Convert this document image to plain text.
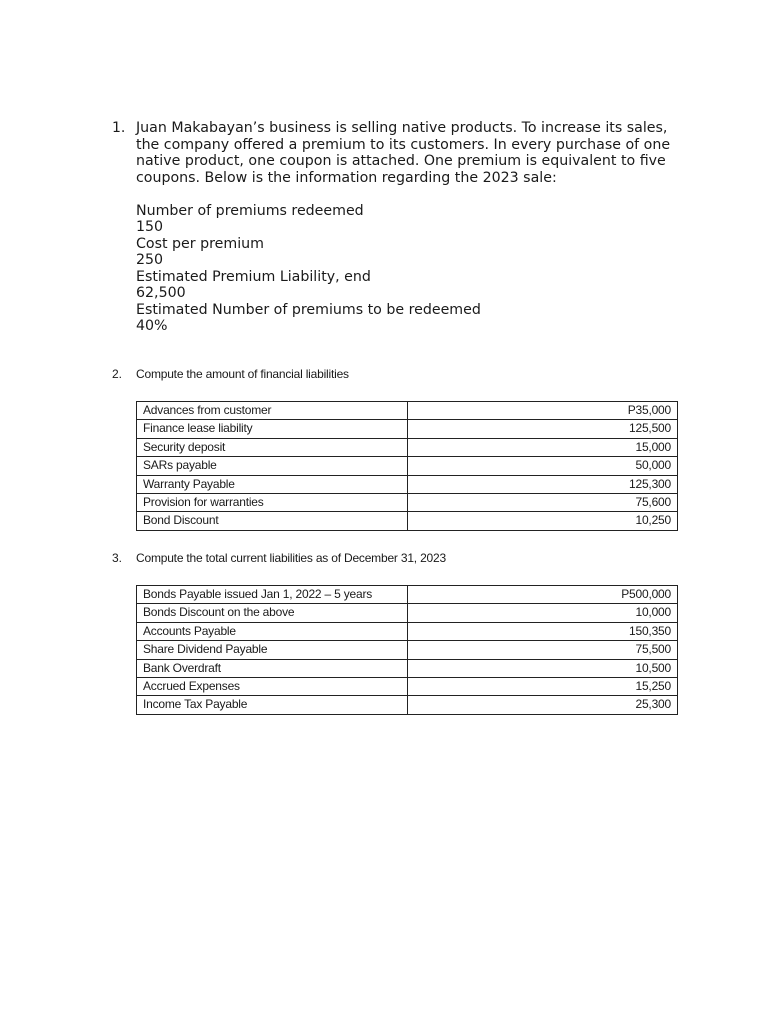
1. Juan Makabayan’s business is selling native products. To increase its sales,
the company offered a premium to its customers. In every purchase of one
native product, one coupon is attached. One premium is equivalent to five
coupons. Below is the information regarding the 2023 sale:

Number of premiums redeemed
150
Cost per premium
250
Estimated Premium Liability, end
62,500
Estimated Number of premiums to be redeemed
40%
2. Compute the amount of financial liabilities
Advances from customer	P35,000
Finance lease liability	125,500
Security deposit	15,000
SARs payable	50,000
Warranty Payable	125,300
Provision for warranties	75,600
Bond Discount	10,250
3. Compute the total current liabilities as of December 31, 2023
Bonds Payable issued Jan 1, 2022 – 5 years	P500,000
Bonds Discount on the above	10,000
Accounts Payable	150,350
Share Dividend Payable	75,500
Bank Overdraft	10,500
Accrued Expenses	15,250
Income Tax Payable	25,300
